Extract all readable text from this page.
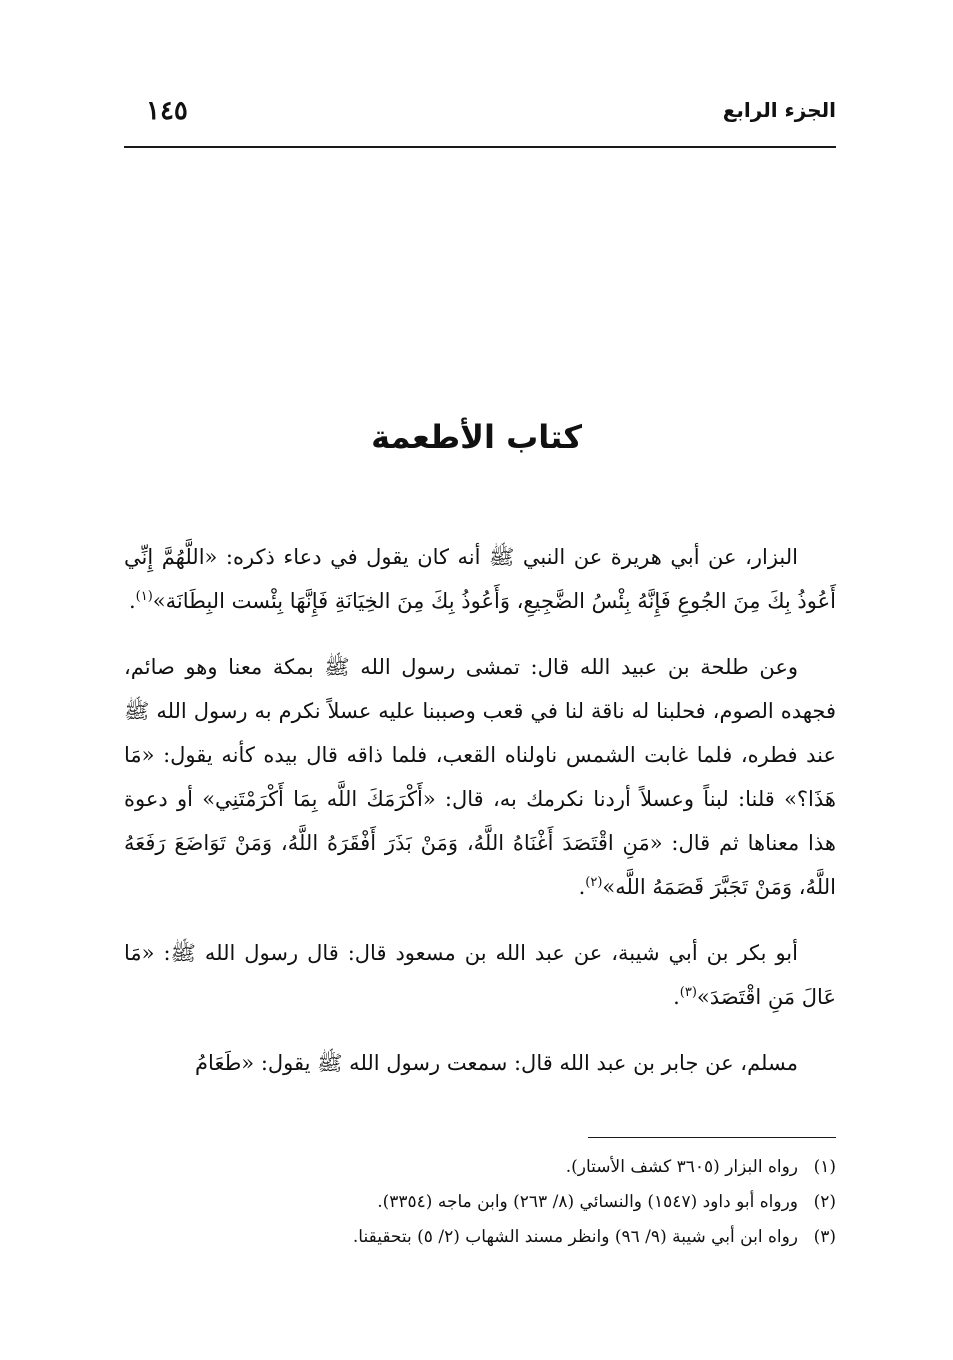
الجزء الرابع
١٤٥
كتاب الأطعمة

البزار، عن أبي هريرة عن النبي ﷺ أنه كان يقول في دعاء ذكره: «اللَّهُمَّ إِنِّي أَعُوذُ بِكَ مِنَ الجُوعِ فَإِنَّهُ بِئْسُ الضَّجِيعِ، وَأَعُوذُ بِكَ مِنَ الخِيَانَةِ فَإِنَّهَا بِئْست البِطَانَة»$^{(١)}$.

وعن طلحة بن عبيد الله قال: تمشى رسول الله ﷺ بمكة معنا وهو صائم، فجهده الصوم، فحلبنا له ناقة لنا في قعب وصببنا عليه عسلاً نكرم به رسول الله ﷺ عند فطره، فلما غابت الشمس ناولناه القعب، فلما ذاقه قال بيده كأنه يقول: «مَا هَذَا؟» قلنا: لبناً وعسلاً أردنا نكرمك به، قال: «أَكْرَمَكَ اللَّه بِمَا أَكْرَمْتَنِي» أو دعوة هذا معناها ثم قال: «مَنِ اقْتَصَدَ أَغْنَاهُ اللَّهُ، وَمَنْ بَذَرَ أَفْقَرَهُ اللَّهُ، وَمَنْ تَوَاضَعَ رَفَعَهُ اللَّهُ، وَمَنْ تَجَبَّرَ قَصَمَهُ اللَّه»$^{(٢)}$.

أبو بكر بن أبي شيبة، عن عبد الله بن مسعود قال: قال رسول الله ﷺ: «مَا عَالَ مَنِ اقْتَصَدَ»$^{(٣)}$.

مسلم، عن جابر بن عبد الله قال: سمعت رسول الله ﷺ يقول: «طَعَامُ

(١)رواه البزار (٣٦٠٥ كشف الأستار).
(٢)ورواه أبو داود (١٥٤٧) والنسائي (٨/ ٢٦٣) وابن ماجه (٣٣٥٤).
(٣)رواه ابن أبي شيبة (٩/ ٩٦) وانظر مسند الشهاب (٢/ ٥) بتحقيقنا.
